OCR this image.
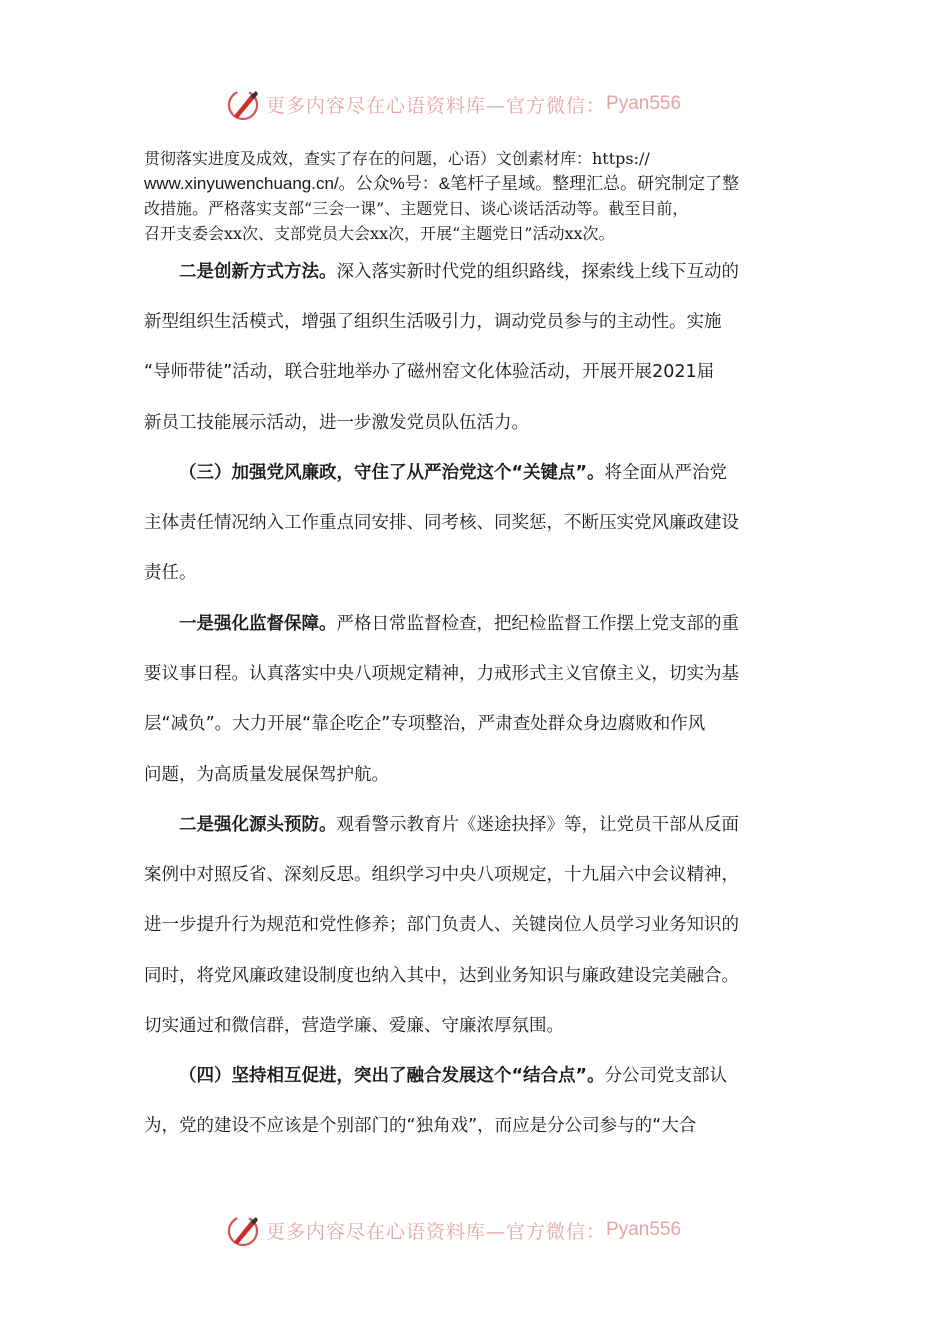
更多内容尽在心语资料库—官方微信： Pyan556
贯彻落实进度及成效，查实了存在的问题，心语）文创素材库：https://
www.xinyuwenchuang.cn/。公众%号：&笔杆子星域。整理汇总。研究制定了整
改措施。严格落实支部“三会一课”、主题党日、谈心谈话活动等。截至目前，
召开支委会xx次、支部党员大会xx次，开展“主题党日”活动xx次。
二是创新方式方法。深入落实新时代党的组织路线，探索线上线下互动的
新型组织生活模式，增强了组织生活吸引力，调动党员参与的主动性。实施
“导师带徒”活动，联合驻地举办了磁州窑文化体验活动，开展开展2021届
新员工技能展示活动，进一步激发党员队伍活力。
（三）加强党风廉政，守住了从严治党这个“关键点”。将全面从严治党
主体责任情况纳入工作重点同安排、同考核、同奖惩，不断压实党风廉政建设
责任。
一是强化监督保障。严格日常监督检查，把纪检监督工作摆上党支部的重
要议事日程。认真落实中央八项规定精神，力戒形式主义官僚主义，切实为基
层“减负”。大力开展“靠企吃企”专项整治，严肃查处群众身边腐败和作风
问题，为高质量发展保驾护航。
二是强化源头预防。观看警示教育片《迷途抉择》等，让党员干部从反面
案例中对照反省、深刻反思。组织学习中央八项规定，十九届六中会议精神，
进一步提升行为规范和党性修养；部门负责人、关键岗位人员学习业务知识的
同时，将党风廉政建设制度也纳入其中，达到业务知识与廉政建设完美融合。
切实通过和微信群，营造学廉、爱廉、守廉浓厚氛围。
（四）坚持相互促进，突出了融合发展这个“结合点”。分公司党支部认
为，党的建设不应该是个别部门的“独角戏”，而应是分公司参与的“大合
更多内容尽在心语资料库—官方微信： Pyan556
